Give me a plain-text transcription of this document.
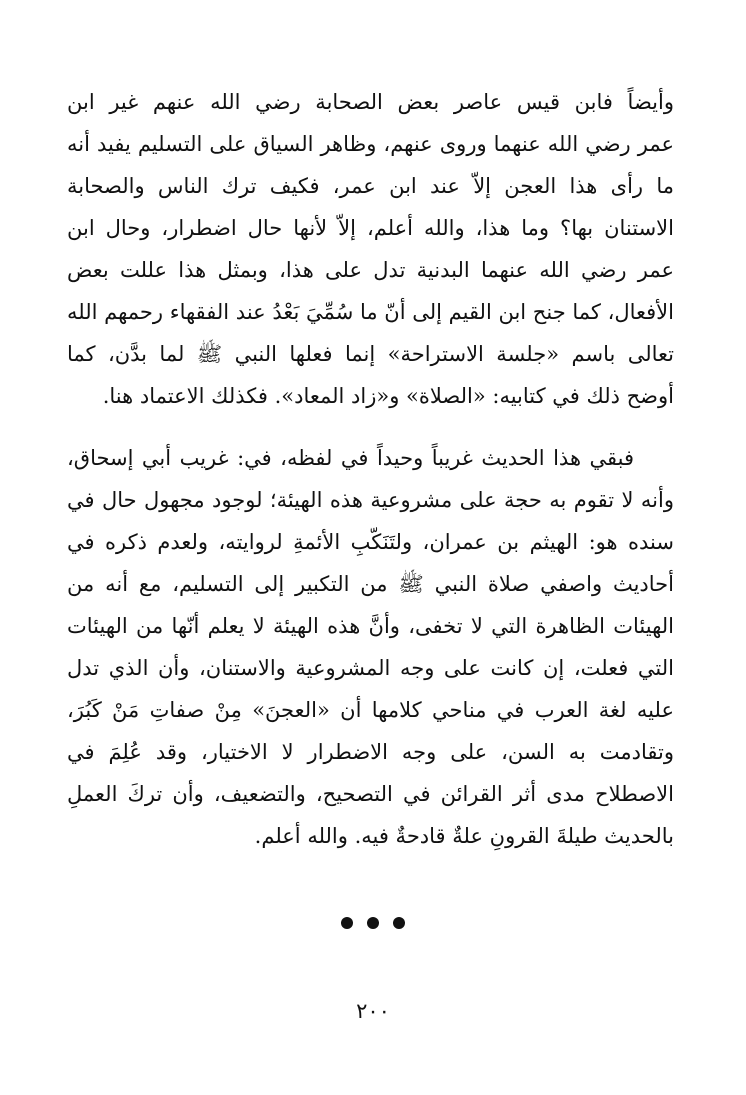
وأيضاً فابن قيس عاصر بعض الصحابة رضي الله عنهم غير ابن
عمر رضي الله عنهما وروى عنهم، وظاهر السياق على التسليم يفيد أنه
ما رأى هذا العجن إلاّ عند ابن عمر، فكيف ترك الناس والصحابة
الاستنان بها؟ وما هذا، والله أعلم، إلاّ لأنها حال اضطرار، وحال ابن
عمر رضي الله عنهما البدنية تدل على هذا، وبمثل هذا عللت بعض
الأفعال، كما جنح ابن القيم إلى أنّ ما سُمِّيَ بَعْدُ عند الفقهاء رحمهم الله
تعالى باسم «جلسة الاستراحة» إنما فعلها النبي ﷺ لما بدَّن، كما
أوضح ذلك في كتابيه: «الصلاة» و«زاد المعاد». فكذلك الاعتماد هنا.
فبقي هذا الحديث غريباً وحيداً في لفظه، في: غريب أبي إسحاق،
وأنه لا تقوم به حجة على مشروعية هذه الهيئة؛ لوجود مجهول حال في
سنده هو: الهيثم بن عمران، ولتَنَكُّبِ الأئمةِ لروايته، ولعدم ذكره في
أحاديث واصفي صلاة النبي ﷺ من التكبير إلى التسليم، مع أنه من
الهيئات الظاهرة التي لا تخفى، وأنَّ هذه الهيئة لا يعلم أنّها من الهيئات
التي فعلت، إن كانت على وجه المشروعية والاستنان، وأن الذي تدل
عليه لغة العرب في مناحي كلامها أن «العجنَ» مِنْ صفاتِ مَنْ كَبُرَ،
وتقادمت به السن، على وجه الاضطرار لا الاختيار، وقد عُلِمَ في
الاصطلاح مدى أثر القرائن في التصحيح، والتضعيف، وأن تركَ العملِ
بالحديث طيلةَ القرونِ علةٌ قادحةٌ فيه. والله أعلم.
٢٠٠
